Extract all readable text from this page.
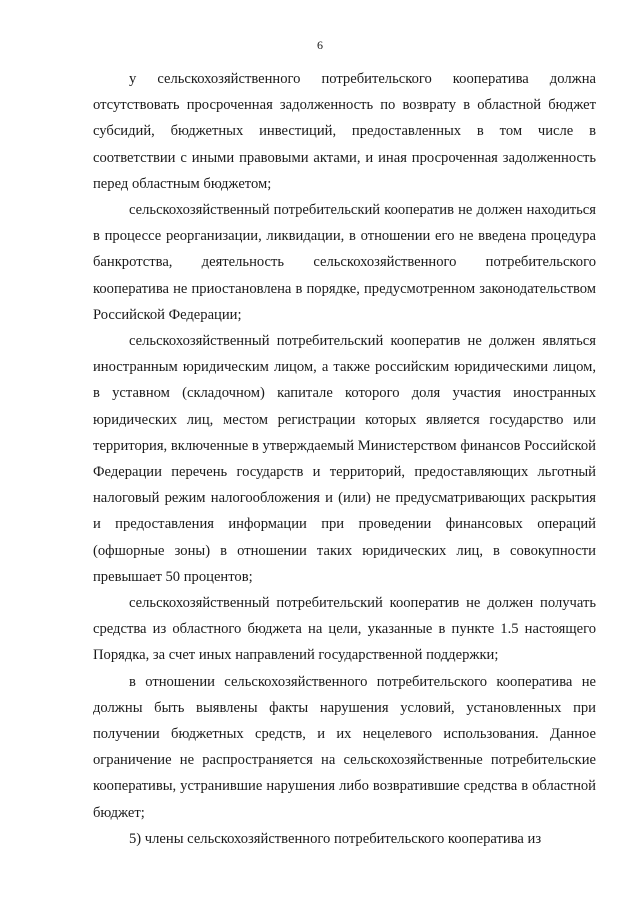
6

у сельскохозяйственного потребительского кооператива должна отсутствовать просроченная задолженность по возврату в областной бюджет субсидий, бюджетных инвестиций, предоставленных в том числе в соответствии с иными правовыми актами, и иная просроченная задолженность перед областным бюджетом;

сельскохозяйственный потребительский кооператив не должен находиться в процессе реорганизации, ликвидации, в отношении его не введена процедура банкротства, деятельность сельскохозяйственного потребительского кооператива не приостановлена в порядке, предусмотренном законодательством Российской Федерации;

сельскохозяйственный потребительский кооператив не должен являться иностранным юридическим лицом, а также российским юридическими лицом, в уставном (складочном) капитале которого доля участия иностранных юридических лиц, местом регистрации которых является государство или территория, включенные в утверждаемый Министерством финансов Российской Федерации перечень государств и территорий, предоставляющих льготный налоговый режим налогообложения и (или) не предусматривающих раскрытия и предоставления информации при проведении финансовых операций (офшорные зоны) в отношении таких юридических лиц, в совокупности превышает 50 процентов;

сельскохозяйственный потребительский кооператив не должен получать средства из областного бюджета на цели, указанные в пункте 1.5 настоящего Порядка, за счет иных направлений государственной поддержки;

в отношении сельскохозяйственного потребительского кооператива не должны быть выявлены факты нарушения условий, установленных при получении бюджетных средств, и их нецелевого использования. Данное ограничение не распространяется на сельскохозяйственные потребительские кооперативы, устранившие нарушения либо возвратившие средства в областной бюджет;

5) члены сельскохозяйственного потребительского кооператива из
